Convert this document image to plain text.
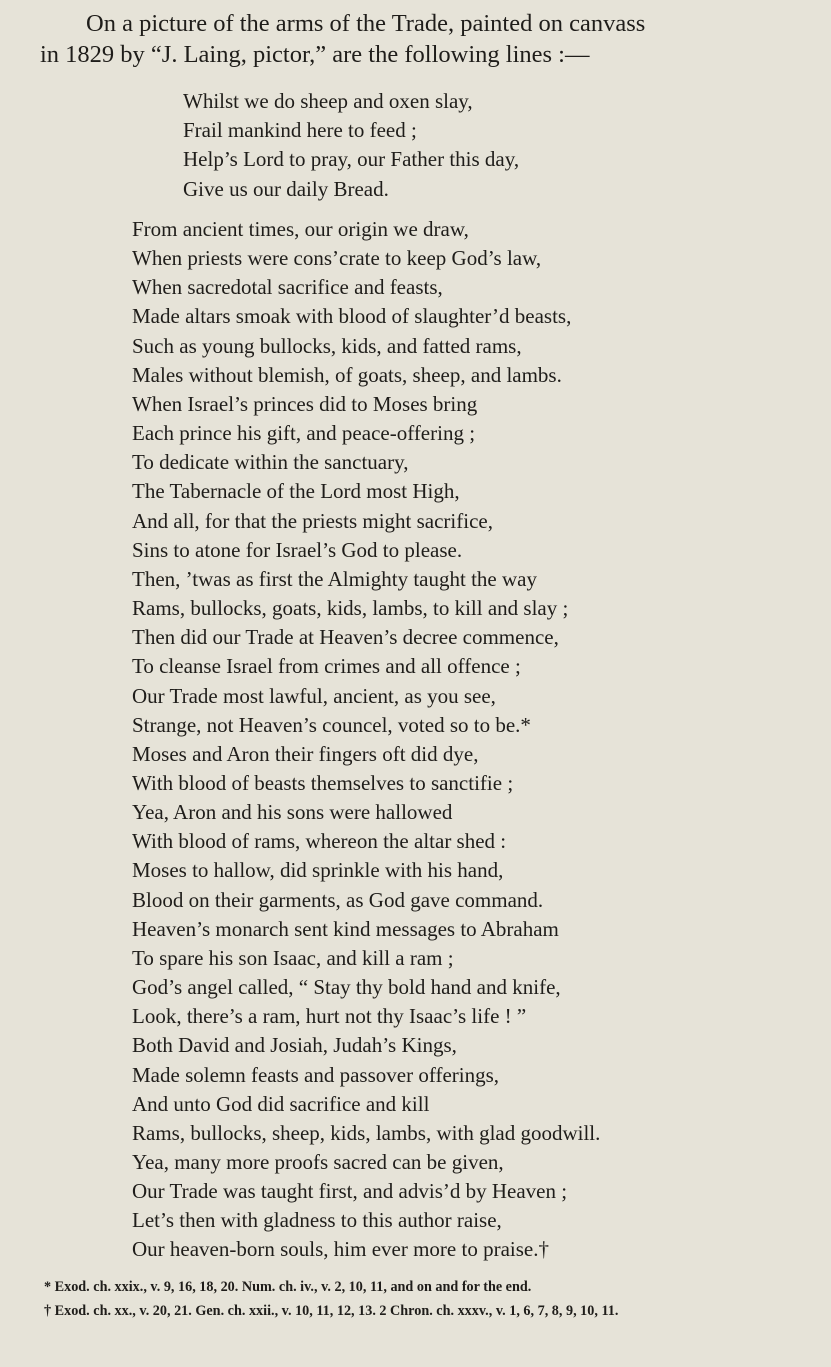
On a picture of the arms of the Trade, painted on canvass
in 1829 by “J. Laing, pictor,” are the following lines :—
Whilst we do sheep and oxen slay,
Frail mankind here to feed ;
Help’s Lord to pray, our Father this day,
Give us our daily Bread.
From ancient times, our origin we draw,
When priests were cons’crate to keep God’s law,
When sacredotal sacrifice and feasts,
Made altars smoak with blood of slaughter’d beasts,
Such as young bullocks, kids, and fatted rams,
Males without blemish, of goats, sheep, and lambs.
When Israel’s princes did to Moses bring
Each prince his gift, and peace-offering ;
To dedicate within the sanctuary,
The Tabernacle of the Lord most High,
And all, for that the priests might sacrifice,
Sins to atone for Israel’s God to please.
Then, ’twas as first the Almighty taught the way
Rams, bullocks, goats, kids, lambs, to kill and slay ;
Then did our Trade at Heaven’s decree commence,
To cleanse Israel from crimes and all offence ;
Our Trade most lawful, ancient, as you see,
Strange, not Heaven’s councel, voted so to be.*
Moses and Aron their fingers oft did dye,
With blood of beasts themselves to sanctifie ;
Yea, Aron and his sons were hallowed
With blood of rams, whereon the altar shed :
Moses to hallow, did sprinkle with his hand,
Blood on their garments, as God gave command.
Heaven’s monarch sent kind messages to Abraham
To spare his son Isaac, and kill a ram ;
God’s angel called, “ Stay thy bold hand and knife,
Look, there’s a ram, hurt not thy Isaac’s life ! ”
Both David and Josiah, Judah’s Kings,
Made solemn feasts and passover offerings,
And unto God did sacrifice and kill
Rams, bullocks, sheep, kids, lambs, with glad goodwill.
Yea, many more proofs sacred can be given,
Our Trade was taught first, and advis’d by Heaven ;
Let’s then with gladness to this author raise,
Our heaven-born souls, him ever more to praise.†
* Exod. ch. xxix., v. 9, 16, 18, 20. Num. ch. iv., v. 2, 10, 11, and on and for the end.
† Exod. ch. xx., v. 20, 21. Gen. ch. xxii., v. 10, 11, 12, 13. 2 Chron. ch. xxxv., v. 1, 6, 7, 8, 9, 10, 11.
